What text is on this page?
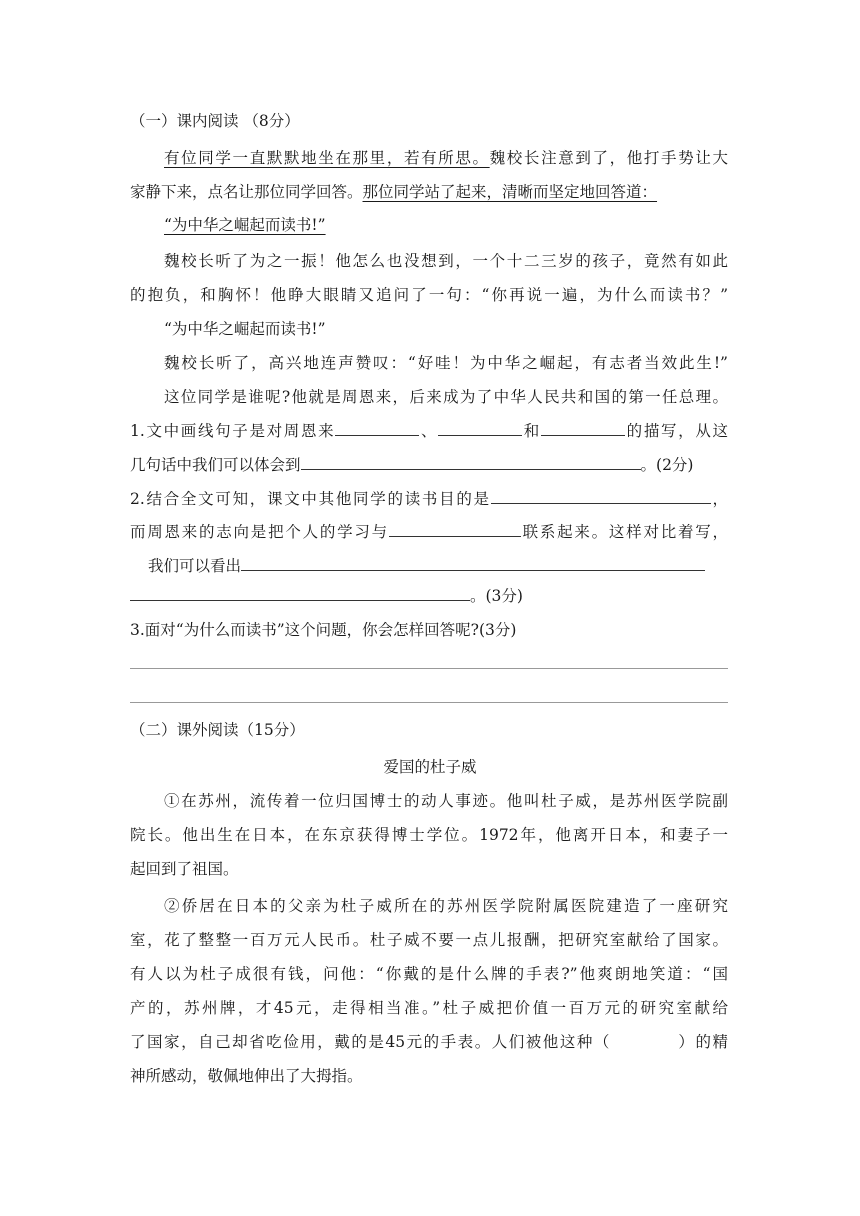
（一）课内阅读 （8分）
有位同学一直默默地坐在那里，若有所思。魏校长注意到了，他打手势让大
家静下来，点名让那位同学回答。那位同学站了起来，清晰而坚定地回答道：
“为中华之崛起而读书!”
魏校长听了为之一振！他怎么也没想到，一个十二三岁的孩子，竟然有如此
的抱负，和胸怀！他睁大眼睛又追问了一句：“你再说一遍，为什么而读书？”
“为中华之崛起而读书!”
魏校长听了，高兴地连声赞叹：“好哇！为中华之崛起，有志者当效此生!”
这位同学是谁呢?他就是周恩来，后来成为了中华人民共和国的第一任总理。
1.文中画线句子是对周恩来	、	和	的描写，从这
几句话中我们可以体会到	。(2分)
2.结合全文可知，课文中其他同学的读书目的是	，
而周恩来的志向是把个人的学习与	联系起来。这样对比着写，
我们可以看出
。(3分)
3.面对“为什么而读书”这个问题，你会怎样回答呢?(3分)
（二）课外阅读（15分）
爱国的杜子威
①在苏州，流传着一位归国博士的动人事迹。他叫杜子威，是苏州医学院副
院长。他出生在日本，在东京获得博士学位。1972年，他离开日本，和妻子一
起回到了祖国。
②侨居在日本的父亲为杜子威所在的苏州医学院附属医院建造了一座研究
室，花了整整一百万元人民币。杜子威不要一点儿报酬，把研究室献给了国家。
有人以为杜子成很有钱，问他：“你戴的是什么牌的手表?”他爽朗地笑道：“国
产的，苏州牌，才45元，走得相当准。”杜子威把价值一百万元的研究室献给
了国家，自己却省吃俭用，戴的是45元的手表。人们被他这种（	）的精
神所感动，敬佩地伸出了大拇指。
